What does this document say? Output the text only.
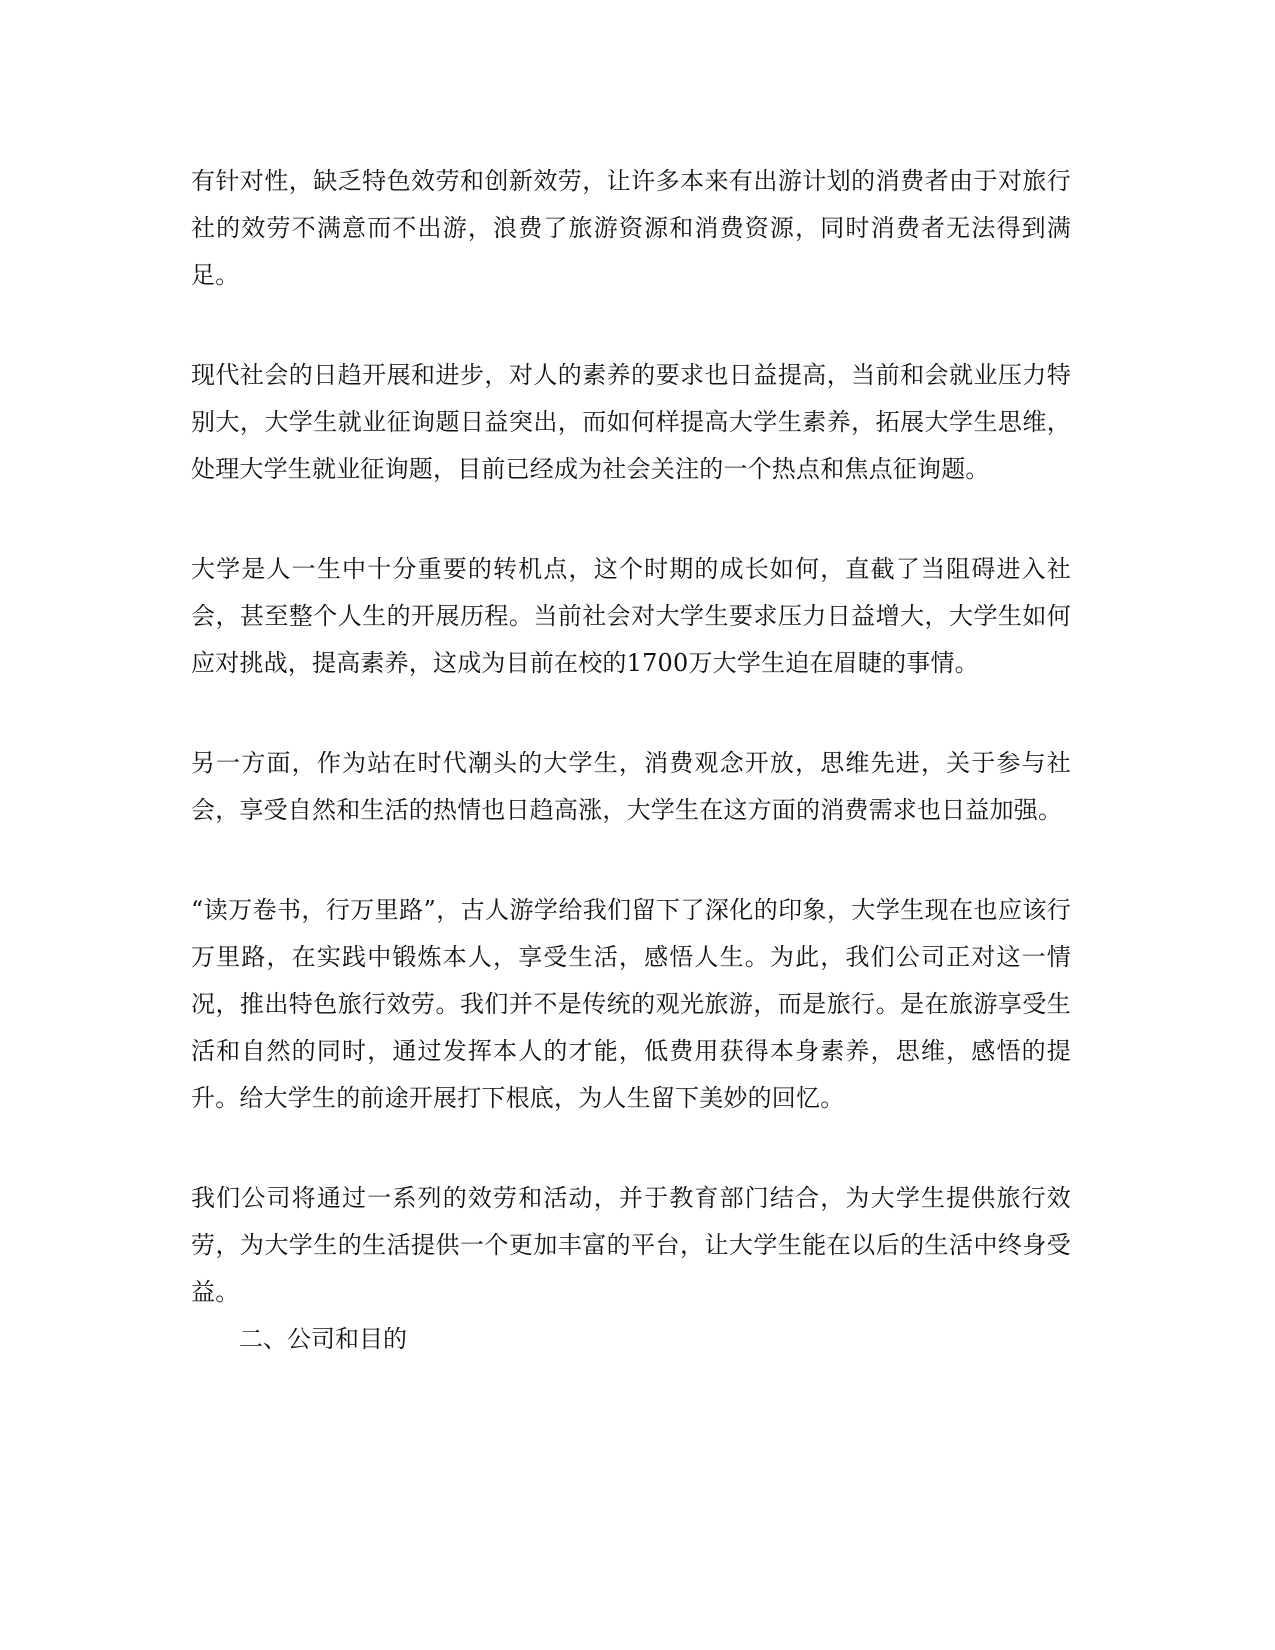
有针对性，缺乏特色效劳和创新效劳，让许多本来有出游计划的消费者由于对旅行社的效劳不满意而不出游，浪费了旅游资源和消费资源，同时消费者无法得到满足。

现代社会的日趋开展和进步，对人的素养的要求也日益提高，当前和会就业压力特别大，大学生就业征询题日益突出，而如何样提高大学生素养，拓展大学生思维，处理大学生就业征询题，目前已经成为社会关注的一个热点和焦点征询题。

大学是人一生中十分重要的转机点，这个时期的成长如何，直截了当阻碍进入社会，甚至整个人生的开展历程。当前社会对大学生要求压力日益增大，大学生如何应对挑战，提高素养，这成为目前在校的1700万大学生迫在眉睫的事情。

另一方面，作为站在时代潮头的大学生，消费观念开放，思维先进，关于参与社会，享受自然和生活的热情也日趋高涨，大学生在这方面的消费需求也日益加强。

“读万卷书，行万里路”，古人游学给我们留下了深化的印象，大学生现在也应该行万里路，在实践中锻炼本人，享受生活，感悟人生。为此，我们公司正对这一情况，推出特色旅行效劳。我们并不是传统的观光旅游，而是旅行。是在旅游享受生活和自然的同时，通过发挥本人的才能，低费用获得本身素养，思维，感悟的提升。给大学生的前途开展打下根底，为人生留下美妙的回忆。

我们公司将通过一系列的效劳和活动，并于教育部门结合，为大学生提供旅行效劳，为大学生的生活提供一个更加丰富的平台，让大学生能在以后的生活中终身受益。

二、公司和目的
